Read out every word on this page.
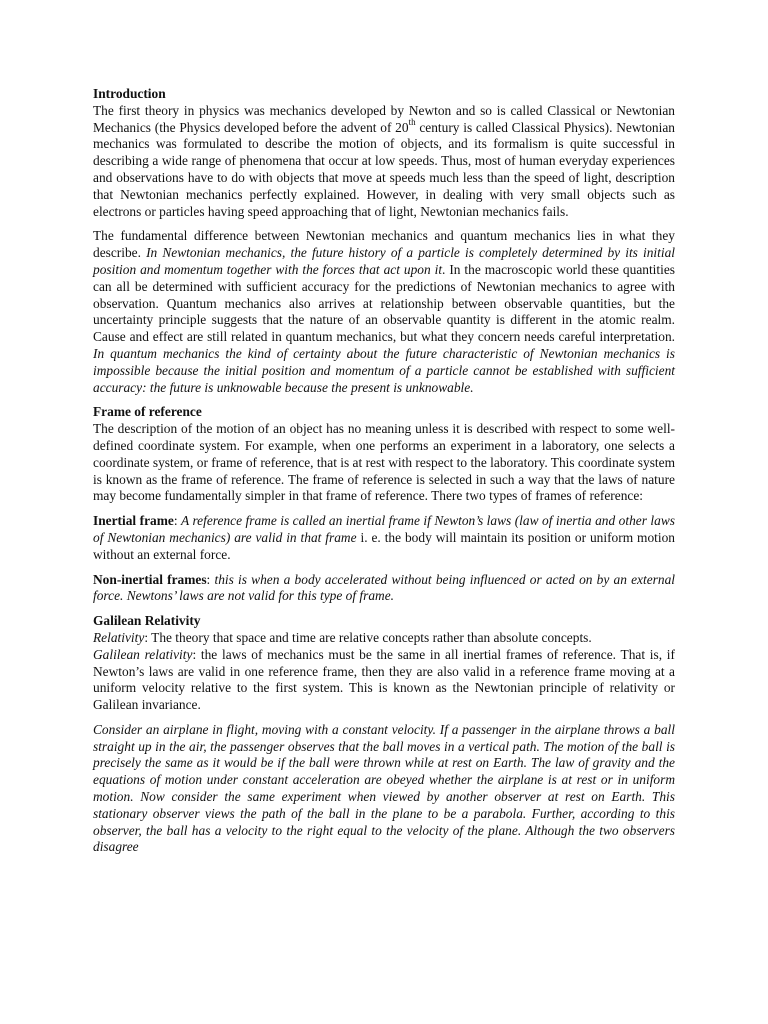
Introduction

The first theory in physics was mechanics developed by Newton and so is called Classical or Newtonian Mechanics (the Physics developed before the advent of 20th century is called Classical Physics). Newtonian mechanics was formulated to describe the motion of objects, and its formalism is quite successful in describing a wide range of phenomena that occur at low speeds. Thus, most of human everyday experiences and observations have to do with objects that move at speeds much less than the speed of light, description that Newtonian mechanics perfectly explained. However, in dealing with very small objects such as electrons or particles having speed approaching that of light, Newtonian mechanics fails.

The fundamental difference between Newtonian mechanics and quantum mechanics lies in what they describe. In Newtonian mechanics, the future history of a particle is completely determined by its initial position and momentum together with the forces that act upon it. In the macroscopic world these quantities can all be determined with sufficient accuracy for the predictions of Newtonian mechanics to agree with observation. Quantum mechanics also arrives at relationship between observable quantities, but the uncertainty principle suggests that the nature of an observable quantity is different in the atomic realm. Cause and effect are still related in quantum mechanics, but what they concern needs careful interpretation. In quantum mechanics the kind of certainty about the future characteristic of Newtonian mechanics is impossible because the initial position and momentum of a particle cannot be established with sufficient accuracy: the future is unknowable because the present is unknowable.

Frame of reference

The description of the motion of an object has no meaning unless it is described with respect to some well-defined coordinate system. For example, when one performs an experiment in a laboratory, one selects a coordinate system, or frame of reference, that is at rest with respect to the laboratory. This coordinate system is known as the frame of reference. The frame of reference is selected in such a way that the laws of nature may become fundamentally simpler in that frame of reference. There two types of frames of reference:

Inertial frame: A reference frame is called an inertial frame if Newton’s laws (law of inertia and other laws of Newtonian mechanics) are valid in that frame i. e. the body will maintain its position or uniform motion without an external force.

Non-inertial frames: this is when a body accelerated without being influenced or acted on by an external force. Newtons’ laws are not valid for this type of frame.

Galilean Relativity
Relativity: The theory that space and time are relative concepts rather than absolute concepts.

Galilean relativity: the laws of mechanics must be the same in all inertial frames of reference. That is, if Newton’s laws are valid in one reference frame, then they are also valid in a reference frame moving at a uniform velocity relative to the first system. This is known as the Newtonian principle of relativity or Galilean invariance.

Consider an airplane in flight, moving with a constant velocity. If a passenger in the airplane throws a ball straight up in the air, the passenger observes that the ball moves in a vertical path. The motion of the ball is precisely the same as it would be if the ball were thrown while at rest on Earth. The law of gravity and the equations of motion under constant acceleration are obeyed whether the airplane is at rest or in uniform motion. Now consider the same experiment when viewed by another observer at rest on Earth. This stationary observer views the path of the ball in the plane to be a parabola. Further, according to this observer, the ball has a velocity to the right equal to the velocity of the plane. Although the two observers disagree
